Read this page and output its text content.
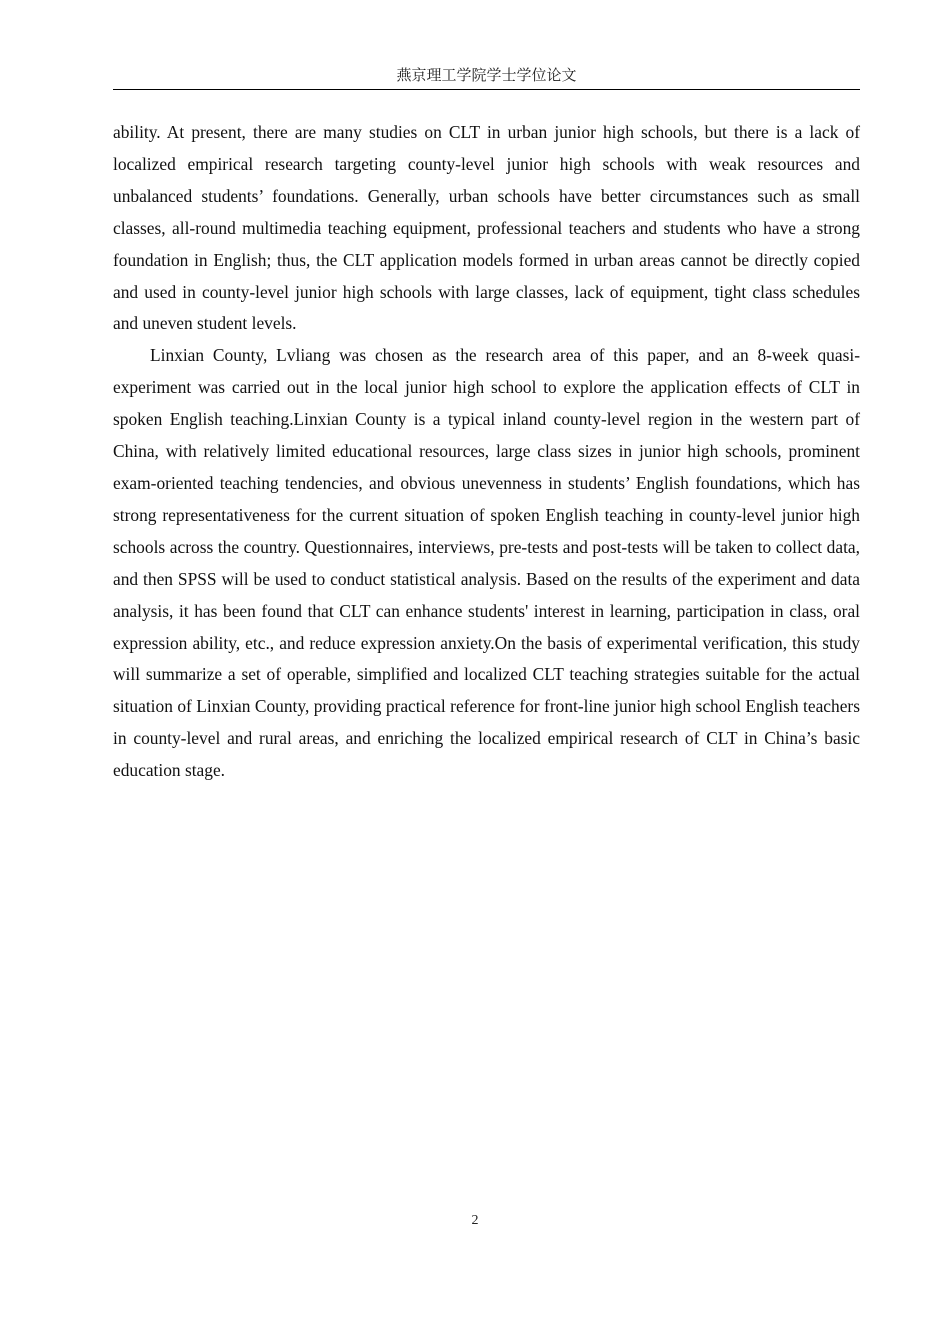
燕京理工学院学士学位论文

ability. At present, there are many studies on CLT in urban junior high schools, but there is a lack of localized empirical research targeting county-level junior high schools with weak resources and unbalanced students’ foundations. Generally, urban schools have better circumstances such as small classes, all-round multimedia teaching equipment, professional teachers and students who have a strong foundation in English; thus, the CLT application models formed in urban areas cannot be directly copied and used in county-level junior high schools with large classes, lack of equipment, tight class schedules and uneven student levels.

Linxian County, Lvliang was chosen as the research area of this paper, and an 8-week quasi-experiment was carried out in the local junior high school to explore the application effects of CLT in spoken English teaching.Linxian County is a typical inland county-level region in the western part of China, with relatively limited educational resources, large class sizes in junior high schools, prominent exam-oriented teaching tendencies, and obvious unevenness in students’ English foundations, which has strong representativeness for the current situation of spoken English teaching in county-level junior high schools across the country. Questionnaires, interviews, pre-tests and post-tests will be taken to collect data, and then SPSS will be used to conduct statistical analysis. Based on the results of the experiment and data analysis, it has been found that CLT can enhance students' interest in learning, participation in class, oral expression ability, etc., and reduce expression anxiety.On the basis of experimental verification, this study will summarize a set of operable, simplified and localized CLT teaching strategies suitable for the actual situation of Linxian County, providing practical reference for front-line junior high school English teachers in county-level and rural areas, and enriching the localized empirical research of CLT in China’s basic education stage.

2
